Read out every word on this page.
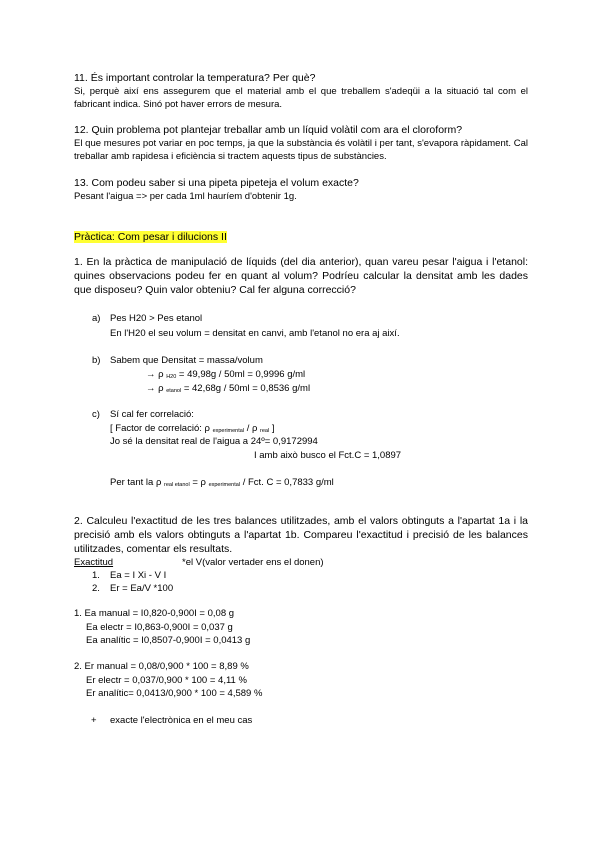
11. És important controlar la temperatura? Per què?

Si, perquè així ens assegurem que el material amb el que treballem s'adeqüi a la situació tal com el fabricant indica. Sinó pot haver errors de mesura.

12. Quin problema pot plantejar treballar amb un líquid volàtil com ara el cloroform?

El que mesures pot variar en poc temps, ja que la substància és volàtil i per tant, s'evapora ràpidament. Cal treballar amb rapidesa i eficiència si tractem aquests tipus de substàncies.

13. Com podeu saber si una pipeta pipeteja el volum exacte?

Pesant l'aigua => per cada 1ml hauríem d'obtenir 1g.

Pràctica: Com pesar i dilucions II
1. En la pràctica de manipulació de líquids (del dia anterior), quan vareu pesar l'aigua i l'etanol: quines observacions podeu fer en quant al volum? Podríeu calcular la densitat amb les dades que disposeu? Quin valor obteniu? Cal fer alguna correcció?
a) Pes H20 > Pes etanol
En l'H20 el seu volum = densitat en canvi, amb l'etanol no era aj així.
b) Sabem que Densitat = massa/volum
→ ρ H20 = 49,98g / 50ml = 0,9996 g/ml
→ ρ etanol = 42,68g / 50ml = 0,8536 g/ml
c) Sí cal fer correlació:
[ Factor de correlació: ρ experimental / ρ real ]
Jo sé la densitat real de l'aigua a 24º= 0,9172994
I amb això busco el Fct.C = 1,0897
Per tant la ρ real etanol = ρ experimental / Fct. C = 0,7833 g/ml
2. Calculeu l'exactitud de les tres balances utilitzades, amb el valors obtinguts a l'apartat 1a i la precisió amb els valors obtinguts a l'apartat 1b. Compareu l'exactitud i precisió de les balances utilitzades, comentar els resultats.
Exactitud	*el V(valor vertader ens el donen)
1. Ea = I Xi - V I
2. Er = Ea/V *100
1. Ea manual = I0,820-0,900I = 0,08 g
Ea electr = I0,863-0,900I = 0,037 g
Ea analític = I0,8507-0,900I = 0,0413 g
2. Er manual = 0,08/0,900 * 100 = 8,89 %
Er electr = 0,037/0,900 * 100 = 4,11 %
Er analític= 0,0413/0,900 * 100 = 4,589 %
+ exacte l'electrònica en el meu cas
